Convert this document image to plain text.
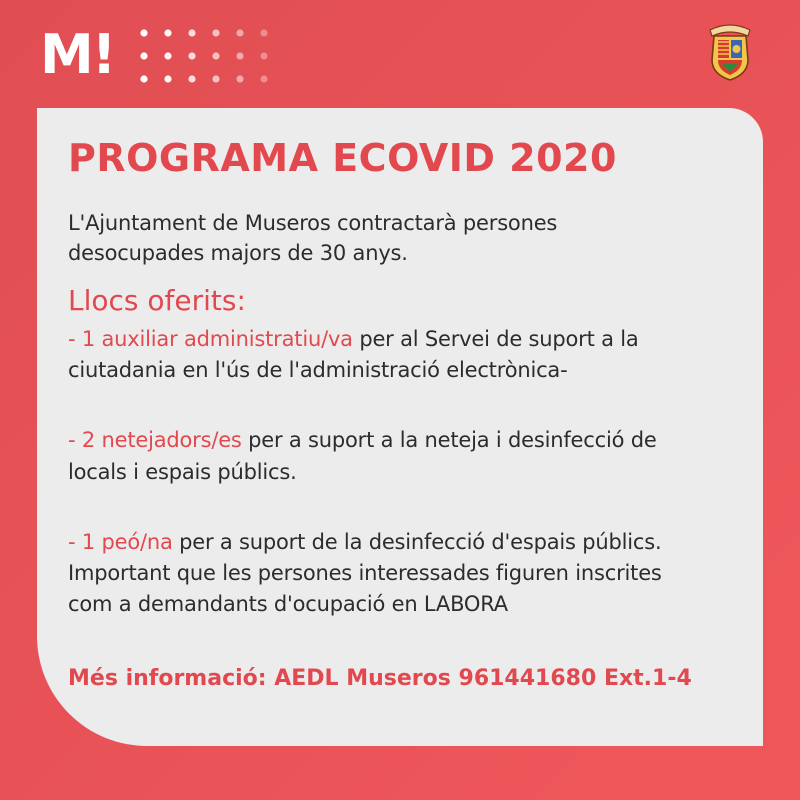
M!
PROGRAMA ECOVID 2020

L'Ajuntament de Museros contractarà persones

desocupades majors de 30 anys.

Llocs oferits:

- 1 auxiliar administratiu/va per al Servei de suport a la

ciutadania en l'ús de l'administració electrònica-

- 2 netejadors/es per a suport a la neteja i desinfecció de

locals i espais públics.

- 1 peó/na per a suport de la desinfecció d'espais públics.

Important que les persones interessades figuren inscrites

com a demandants d'ocupació en LABORA

Més informació: AEDL Museros 961441680 Ext.1-4
